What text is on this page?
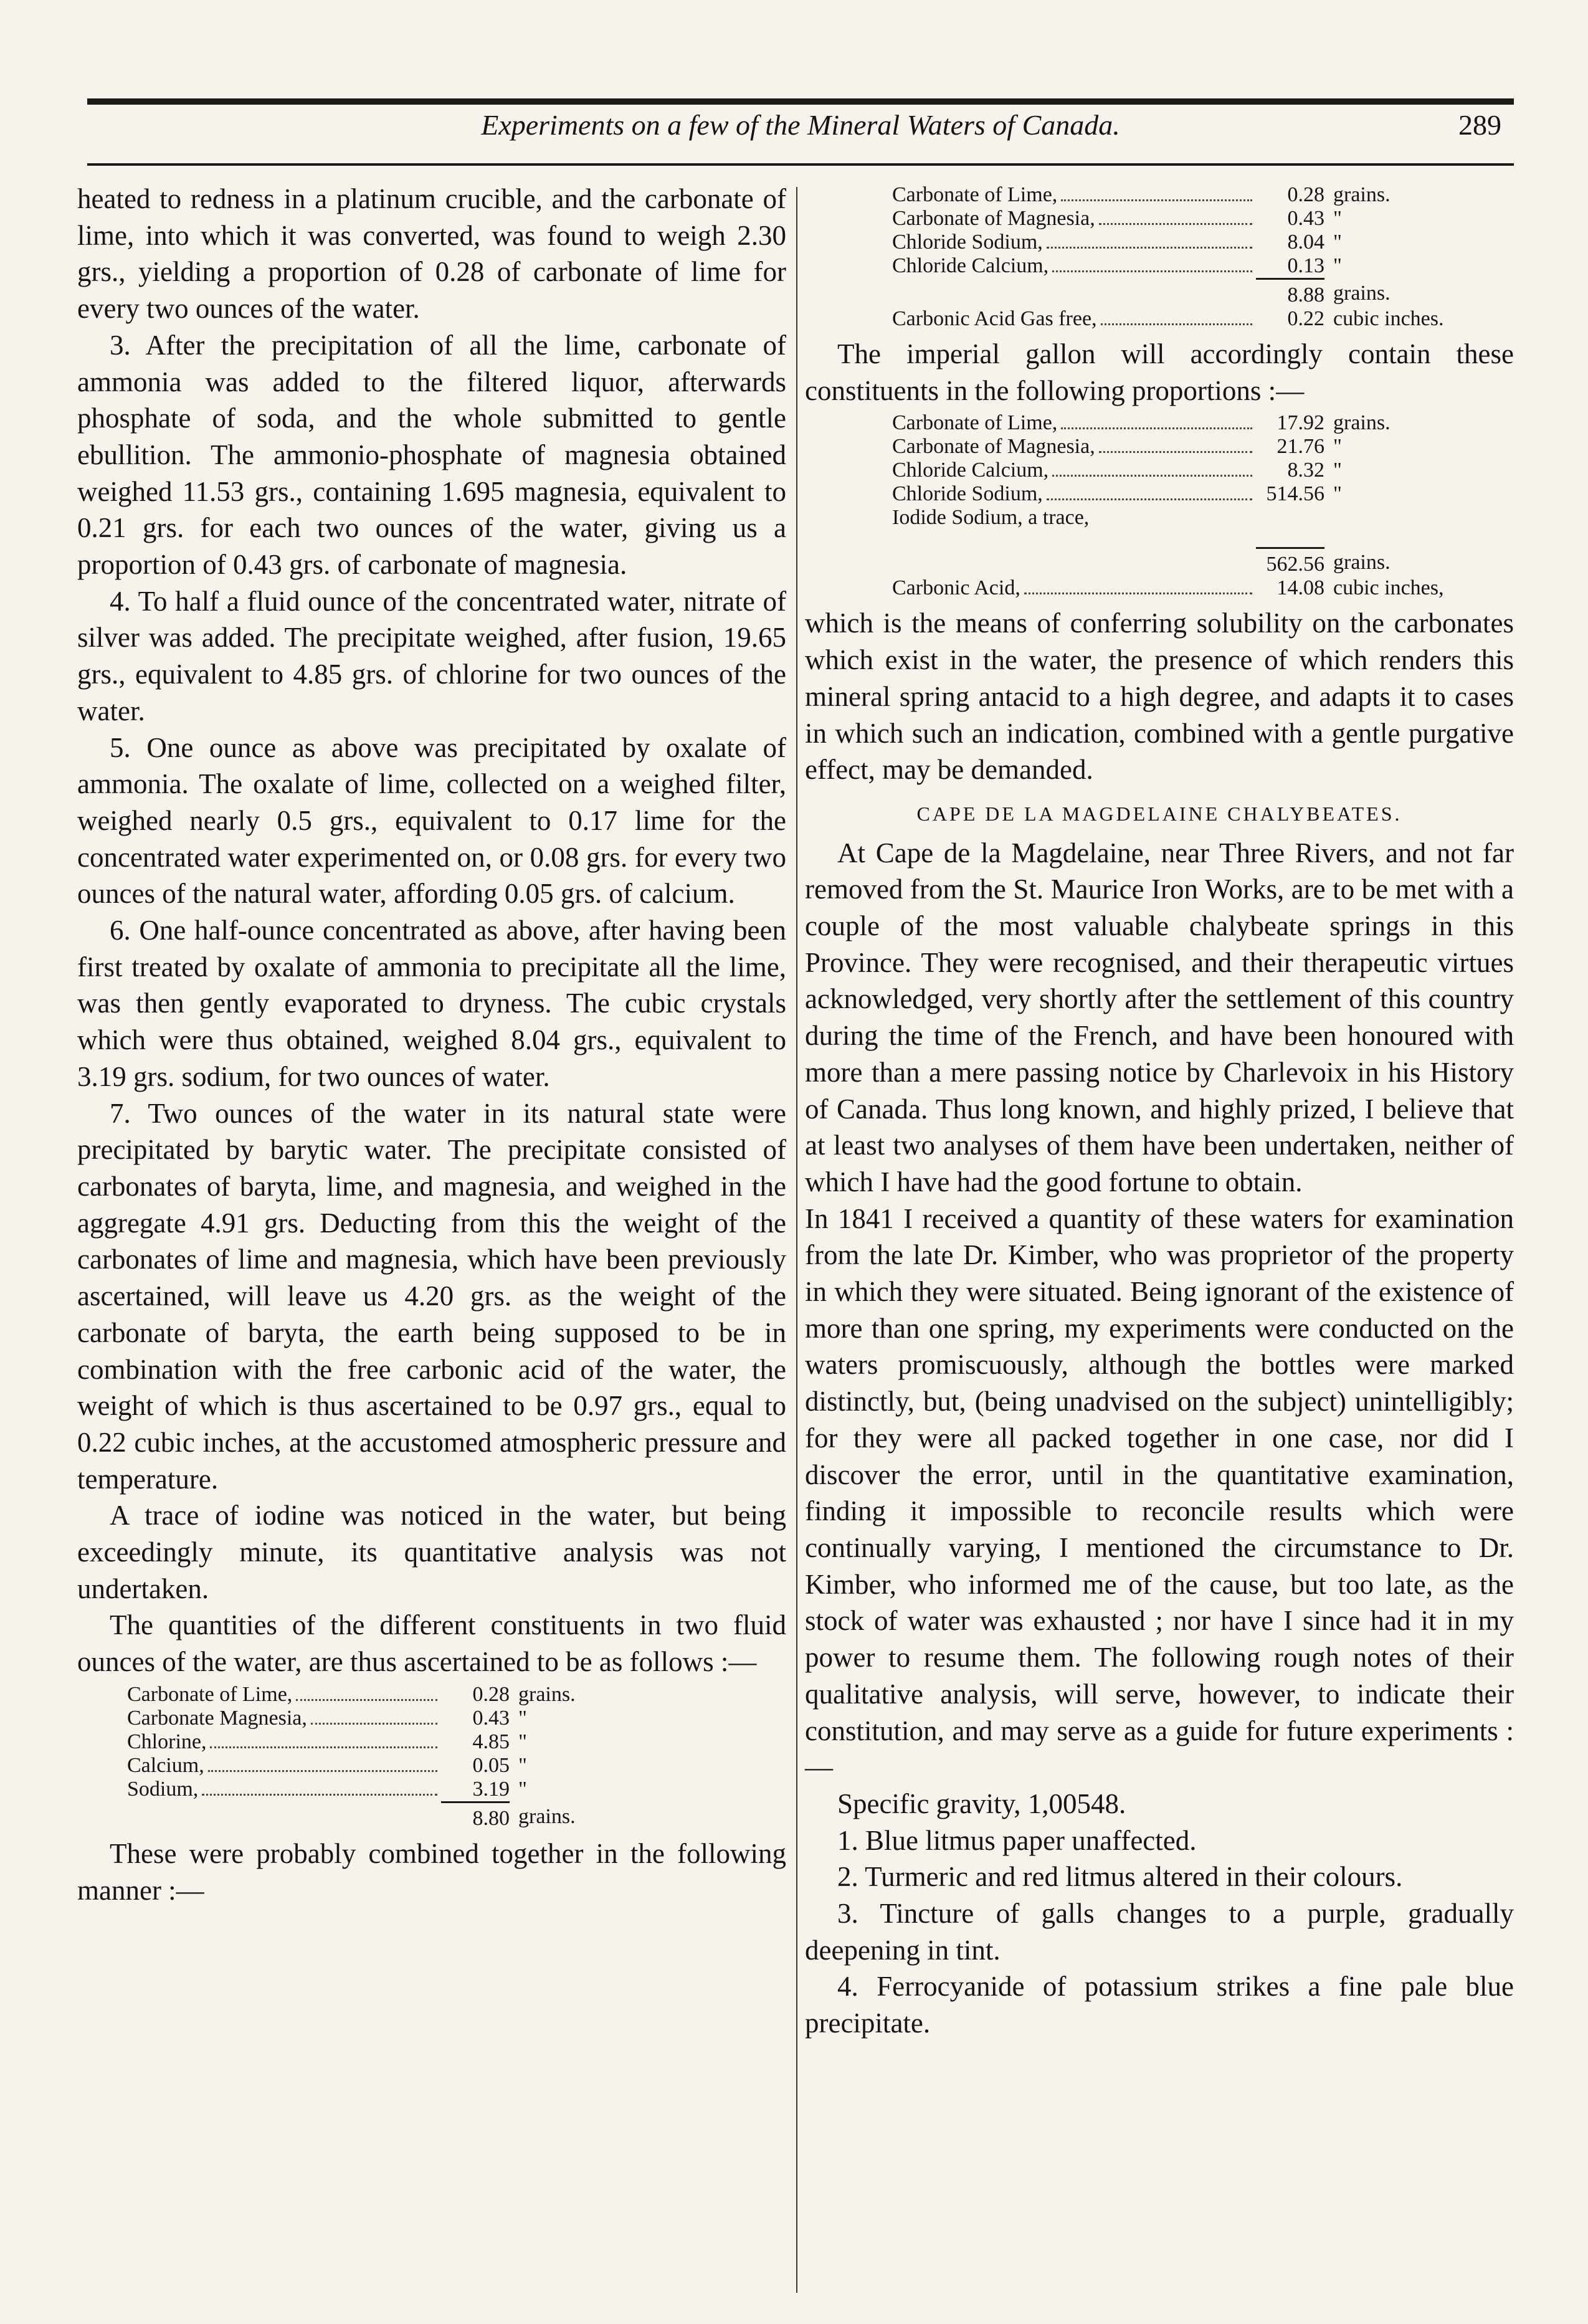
Experiments on a few of the Mineral Waters of Canada.	289

heated to redness in a platinum crucible, and the carbonate of lime, into which it was converted, was found to weigh 2.30 grs., yielding a proportion of 0.28 of carbonate of lime for every two ounces of the water.

3. After the precipitation of all the lime, carbonate of ammonia was added to the filtered liquor, afterwards phosphate of soda, and the whole submitted to gentle ebullition. The ammonio-phosphate of magnesia obtained weighed 11.53 grs., containing 1.695 magnesia, equivalent to 0.21 grs. for each two ounces of the water, giving us a proportion of 0.43 grs. of carbonate of magnesia.

4. To half a fluid ounce of the concentrated water, nitrate of silver was added. The precipitate weighed, after fusion, 19.65 grs., equivalent to 4.85 grs. of chlorine for two ounces of the water.

5. One ounce as above was precipitated by oxalate of ammonia. The oxalate of lime, collected on a weighed filter, weighed nearly 0.5 grs., equivalent to 0.17 lime for the concentrated water experimented on, or 0.08 grs. for every two ounces of the natural water, affording 0.05 grs. of calcium.

6. One half-ounce concentrated as above, after having been first treated by oxalate of ammonia to precipitate all the lime, was then gently evaporated to dryness. The cubic crystals which were thus obtained, weighed 8.04 grs., equivalent to 3.19 grs. sodium, for two ounces of water.

7. Two ounces of the water in its natural state were precipitated by barytic water. The precipitate consisted of carbonates of baryta, lime, and magnesia, and weighed in the aggregate 4.91 grs. Deducting from this the weight of the carbonates of lime and magnesia, which have been previously ascertained, will leave us 4.20 grs. as the weight of the carbonate of baryta, the earth being supposed to be in combination with the free carbonic acid of the water, the weight of which is thus ascertained to be 0.97 grs., equal to 0.22 cubic inches, at the accustomed atmospheric pressure and temperature.

A trace of iodine was noticed in the water, but being exceedingly minute, its quantitative analysis was not undertaken.

The quantities of the different constituents in two fluid ounces of the water, are thus ascertained to be as follows :—

Carbonate of Lime,	0.28 grains.
Carbonate Magnesia,	0.43 "
Chlorine,	4.85 "
Calcium,	0.05 "
Sodium,	3.19 "
8.80 grains.

These were probably combined together in the following manner :—

Carbonate of Lime,	0.28 grains.
Carbonate of Magnesia,	0.43 "
Chloride Sodium,	8.04 "
Chloride Calcium,	0.13 "
8.88 grains.
Carbonic Acid Gas free,	0.22 cubic inches.

The imperial gallon will accordingly contain these constituents in the following proportions :—

Carbonate of Lime,	17.92 grains.
Carbonate of Magnesia,	21.76 "
Chloride Calcium,	8.32 "
Chloride Sodium,	514.56 "
Iodide Sodium, a trace,
562.56 grains.
Carbonic Acid,	14.08 cubic inches,

which is the means of conferring solubility on the carbonates which exist in the water, the presence of which renders this mineral spring antacid to a high degree, and adapts it to cases in which such an indication, combined with a gentle purgative effect, may be demanded.

CAPE DE LA MAGDELAINE CHALYBEATES.

At Cape de la Magdelaine, near Three Rivers, and not far removed from the St. Maurice Iron Works, are to be met with a couple of the most valuable chalybeate springs in this Province. They were recognised, and their therapeutic virtues acknowledged, very shortly after the settlement of this country during the time of the French, and have been honoured with more than a mere passing notice by Charlevoix in his History of Canada. Thus long known, and highly prized, I believe that at least two analyses of them have been undertaken, neither of which I have had the good fortune to obtain.

In 1841 I received a quantity of these waters for examination from the late Dr. Kimber, who was proprietor of the property in which they were situated. Being ignorant of the existence of more than one spring, my experiments were conducted on the waters promiscuously, although the bottles were marked distinctly, but, (being unadvised on the subject) unintelligibly; for they were all packed together in one case, nor did I discover the error, until in the quantitative examination, finding it impossible to reconcile results which were continually varying, I mentioned the circumstance to Dr. Kimber, who informed me of the cause, but too late, as the stock of water was exhausted ; nor have I since had it in my power to resume them. The following rough notes of their qualitative analysis, will serve, however, to indicate their constitution, and may serve as a guide for future experiments :—

Specific gravity, 1,00548.

1. Blue litmus paper unaffected.

2. Turmeric and red litmus altered in their colours.

3. Tincture of galls changes to a purple, gradually deepening in tint.

4. Ferrocyanide of potassium strikes a fine pale blue precipitate.
